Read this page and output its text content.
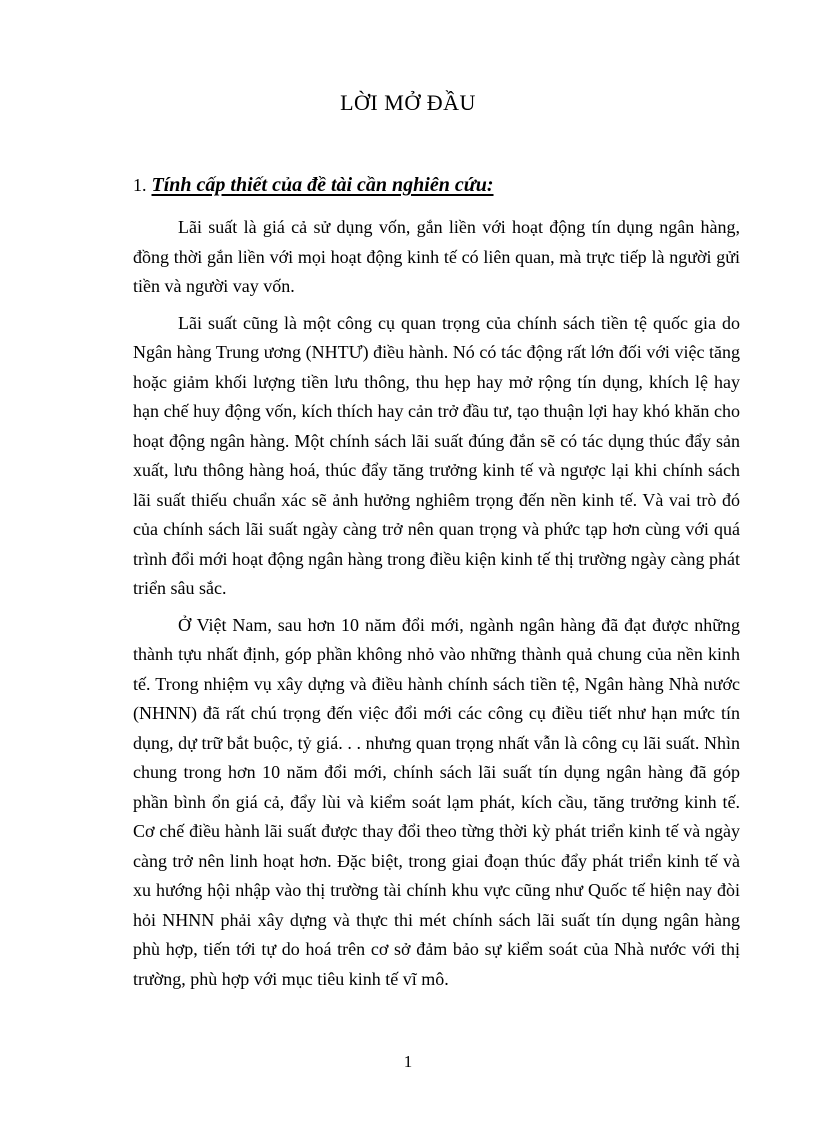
LỜI MỞ ĐẦU
1. Tính cấp thiết của đề tài cần nghiên cứu:

Lãi suất là giá cả sử dụng vốn, gắn liền với hoạt động tín dụng ngân hàng, đồng thời gắn liền với mọi hoạt động kinh tế có liên quan, mà trực tiếp là người gửi tiền và người vay vốn.

Lãi suất cũng là một công cụ quan trọng của chính sách tiền tệ quốc gia do Ngân hàng Trung ương (NHTƯ) điều hành. Nó có tác động rất lớn đối với việc tăng hoặc giảm khối lượng tiền lưu thông, thu hẹp hay mở rộng tín dụng, khích lệ hay hạn chế huy động vốn, kích thích hay cản trở đầu tư, tạo thuận lợi hay khó khăn cho hoạt động ngân hàng. Một chính sách lãi suất đúng đắn sẽ có tác dụng thúc đẩy sản xuất, lưu thông hàng hoá, thúc đẩy tăng trưởng kinh tế và ngược lại khi chính sách lãi suất thiếu chuẩn xác sẽ ảnh hưởng nghiêm trọng đến nền kinh tế. Và vai trò đó của chính sách lãi suất ngày càng trở nên quan trọng và phức tạp hơn cùng với quá trình đổi mới hoạt động ngân hàng trong điều kiện kinh tế thị trường ngày càng phát triển sâu sắc.

Ở Việt Nam, sau hơn 10 năm đổi mới, ngành ngân hàng đã đạt được những thành tựu nhất định, góp phần không nhỏ vào những thành quả chung của nền kinh tế. Trong nhiệm vụ xây dựng và điều hành chính sách tiền tệ, Ngân hàng Nhà nước (NHNN) đã rất chú trọng đến việc đổi mới các công cụ điều tiết như hạn mức tín dụng, dự trữ bắt buộc, tỷ giá. . . nhưng quan trọng nhất vẫn là công cụ lãi suất. Nhìn chung trong hơn 10 năm đổi mới, chính sách lãi suất tín dụng ngân hàng đã góp phần bình ổn giá cả, đẩy lùi và kiểm soát lạm phát, kích cầu, tăng trưởng kinh tế. Cơ chế điều hành lãi suất được thay đổi theo từng thời kỳ phát triển kinh tế và ngày càng trở nên linh hoạt hơn. Đặc biệt, trong giai đoạn thúc đẩy phát triển kinh tế và xu hướng hội nhập vào thị trường tài chính khu vực cũng như Quốc tế hiện nay đòi hỏi NHNN phải xây dựng và thực thi mét chính sách lãi suất tín dụng ngân hàng phù hợp, tiến tới tự do hoá trên cơ sở đảm bảo sự kiểm soát của Nhà nước với thị trường, phù hợp với mục tiêu kinh tế vĩ mô.

1
